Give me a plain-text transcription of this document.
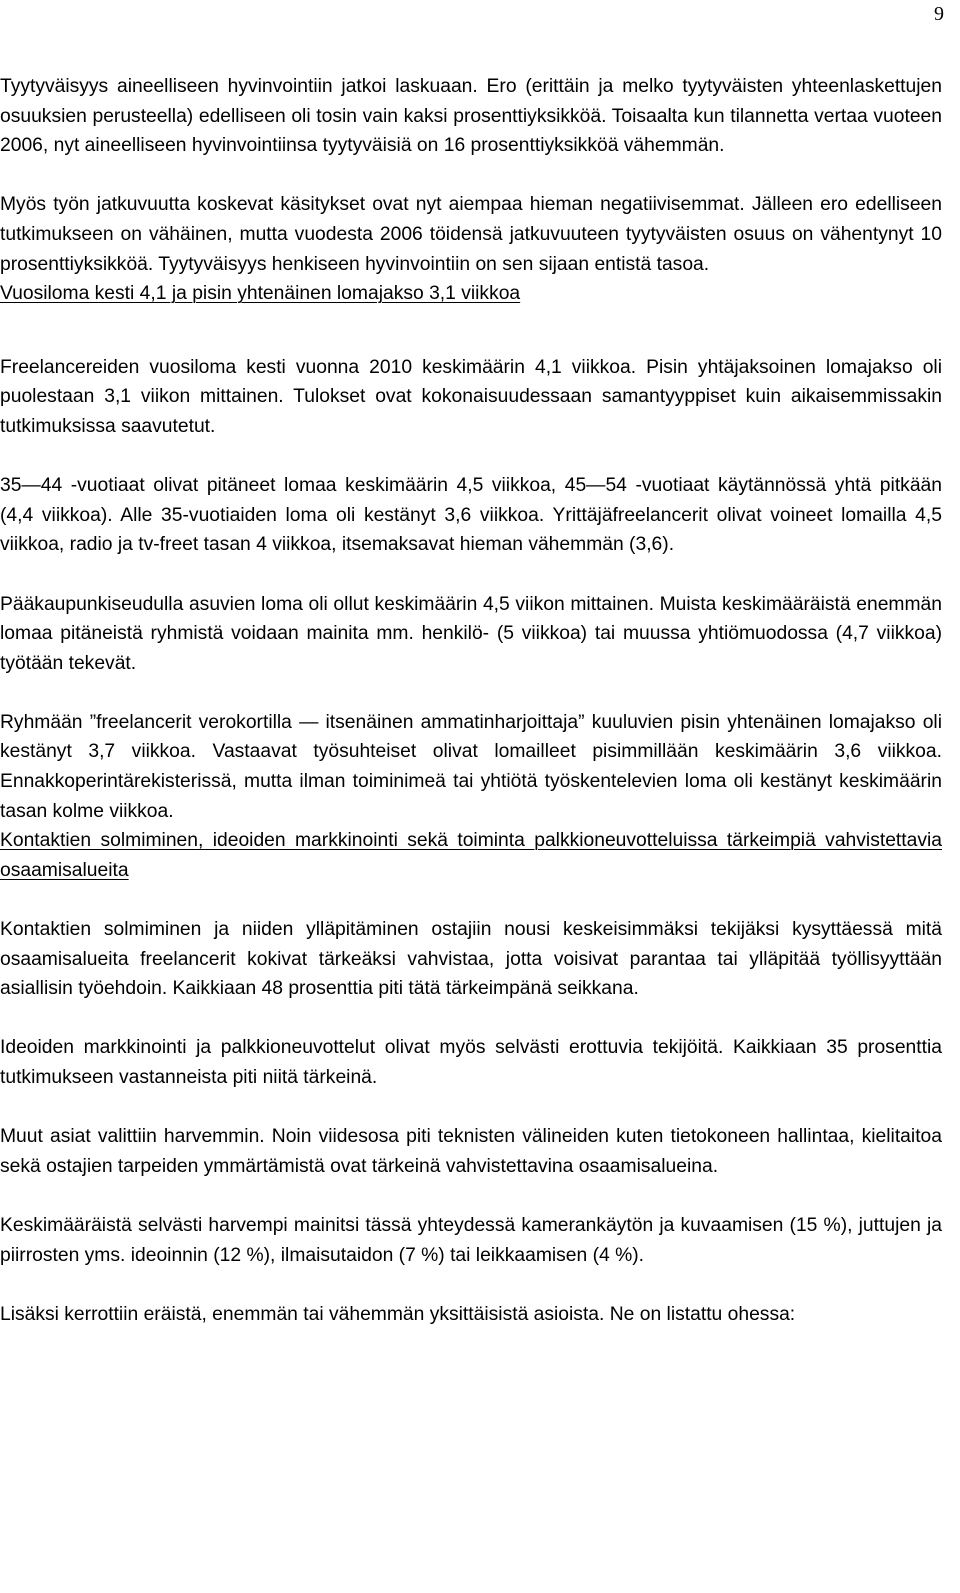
9

Tyytyväisyys aineelliseen hyvinvointiin jatkoi laskuaan. Ero (erittäin ja melko tyytyväisten yhteenlaskettujen osuuksien perusteella) edelliseen oli tosin vain kaksi prosenttiyksikköä. Toisaalta kun tilannetta vertaa vuoteen 2006, nyt aineelliseen hyvinvointiinsa tyytyväisiä on 16 prosenttiyksikköä vähemmän.

Myös työn jatkuvuutta koskevat käsitykset ovat nyt aiempaa hieman negatiivisemmat. Jälleen ero edelliseen tutkimukseen on vähäinen, mutta vuodesta 2006 töidensä jatkuvuuteen tyytyväisten osuus on vähentynyt 10 prosenttiyksikköä. Tyytyväisyys henkiseen hyvinvointiin on sen sijaan entistä tasoa.

Vuosiloma kesti 4,1 ja pisin yhtenäinen lomajakso 3,1 viikkoa

Freelancereiden vuosiloma kesti vuonna 2010 keskimäärin 4,1 viikkoa. Pisin yhtäjaksoinen lomajakso oli puolestaan 3,1 viikon mittainen. Tulokset ovat kokonaisuudessaan samantyyppiset kuin aikaisemmissakin tutkimuksissa saavutetut.

35—44 -vuotiaat olivat pitäneet lomaa keskimäärin 4,5 viikkoa, 45—54 -vuotiaat käytännössä yhtä pitkään (4,4 viikkoa). Alle 35-vuotiaiden loma oli kestänyt 3,6 viikkoa. Yrittäjäfreelancerit olivat voineet lomailla 4,5 viikkoa, radio ja tv-freet tasan 4 viikkoa, itsemaksavat hieman vähemmän (3,6).

Pääkaupunkiseudulla asuvien loma oli ollut keskimäärin 4,5 viikon mittainen. Muista keskimääräistä enemmän lomaa pitäneistä ryhmistä voidaan mainita mm. henkilö- (5 viikkoa) tai muussa yhtiömuodossa (4,7 viikkoa) työtään tekevät.

Ryhmään ”freelancerit verokortilla — itsenäinen ammatinharjoittaja” kuuluvien pisin yhtenäinen lomajakso oli kestänyt 3,7 viikkoa. Vastaavat työsuhteiset olivat lomailleet pisimmillään keskimäärin 3,6 viikkoa. Ennakkoperintärekisterissä, mutta ilman toiminimeä tai yhtiötä työskentelevien loma oli kestänyt keskimäärin tasan kolme viikkoa.

Kontaktien solmiminen, ideoiden markkinointi sekä toiminta palkkioneuvotteluissa tärkeimpiä vahvistettavia osaamisalueita

Kontaktien solmiminen ja niiden ylläpitäminen ostajiin nousi keskeisimmäksi tekijäksi kysyttäessä mitä osaamisalueita freelancerit kokivat tärkeäksi vahvistaa, jotta voisivat parantaa tai ylläpitää työllisyyttään asiallisin työehdoin. Kaikkiaan 48 prosenttia piti tätä tärkeimpänä seikkana.

Ideoiden markkinointi ja palkkioneuvottelut olivat myös selvästi erottuvia tekijöitä. Kaikkiaan 35 prosenttia tutkimukseen vastanneista piti niitä tärkeinä.

Muut asiat valittiin harvemmin. Noin viidesosa piti teknisten välineiden kuten tietokoneen hallintaa, kielitaitoa sekä ostajien tarpeiden ymmärtämistä ovat tärkeinä vahvistettavina osaamisalueina.

Keskimääräistä selvästi harvempi mainitsi tässä yhteydessä kamerankäytön ja kuvaamisen (15 %), juttujen ja piirrosten yms. ideoinnin (12 %), ilmaisutaidon (7 %) tai leikkaamisen (4 %).

Lisäksi kerrottiin eräistä, enemmän tai vähemmän yksittäisistä asioista. Ne on listattu ohessa:
